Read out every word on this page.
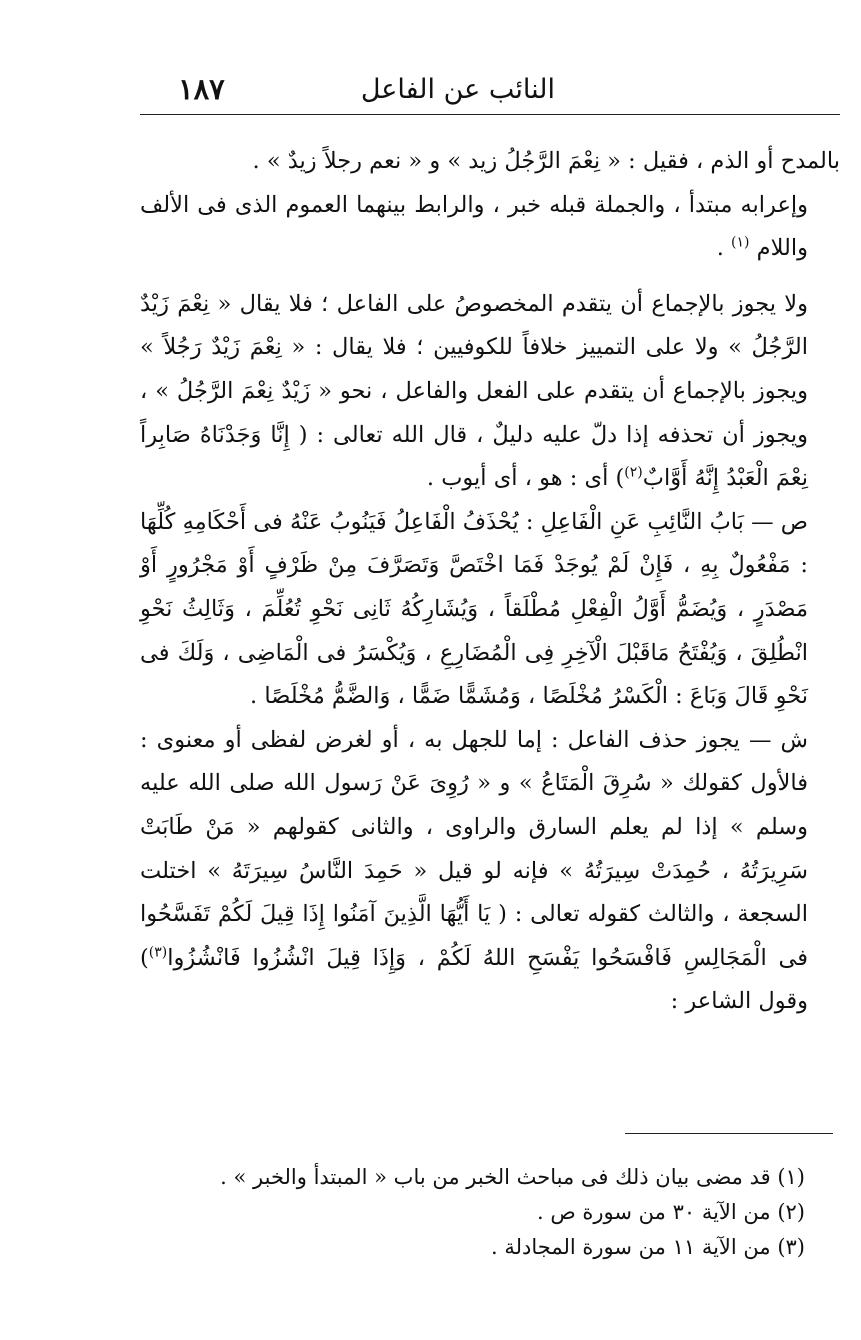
النائب عن الفاعل
١٨٧

بالمدح أو الذم ، فقيل : « نِعْمَ الرَّجُلُ زيد » و « نعم رجلاً زيدٌ » .

وإعرابه مبتدأ ، والجملة قبله خبر ، والرابط بينهما العموم الذى فى الألف واللام $^{(١)}$ .

ولا يجوز بالإجماع أن يتقدم المخصوصُ على الفاعل ؛ فلا يقال « نِعْمَ زَيْدٌ الرَّجُلُ » ولا على التمييز خلافاً للكوفيين ؛ فلا يقال : « نِعْمَ زَيْدٌ رَجُلاً » ويجوز بالإجماع أن يتقدم على الفعل والفاعل ، نحو « زَيْدٌ نِعْمَ الرَّجُلُ » ، ويجوز أن تحذفه إذا دلّ عليه دليلٌ ، قال الله تعالى : ( إِنَّا وَجَدْنَاهُ صَابِراً نِعْمَ الْعَبْدُ إِنَّهُ أَوَّابٌ$^{(٢)}$) أى : هو ، أى أيوب .

ص — بَابُ النَّائِبِ عَنِ الْفَاعِلِ : يُحْذَفُ الْفَاعِلُ فَيَنُوبُ عَنْهُ فى أَحْكَامِهِ كُلِّهَا : مَفْعُولٌ بِهِ ، فَإِنْ لَمْ يُوجَدْ فَمَا اخْتَصَّ وَتَصَرَّفَ مِنْ ظَرْفٍ أَوْ مَجْرُورٍ أَوْ مَصْدَرٍ ، وَيُضَمُّ أَوَّلُ الْفِعْلِ مُطْلَقاً ، وَيُشَارِكُهُ ثَانِى نَحْوِ تُعُلِّمَ ، وَثَالِثُ نَحْوِ انْطُلِقَ ، وَيُفْتَحُ مَاقَبْلَ الْآخِرِ فِى الْمُضَارِعِ ، وَيُكْسَرُ فى الْمَاضِى ، وَلَكَ فى نَحْوِ قَالَ وَبَاعَ : الْكَسْرُ مُخْلَصًا ، وَمُشَمًّا ضَمًّا ، وَالضَّمُّ مُخْلَصًا .

ش — يجوز حذف الفاعل : إما للجهل به ، أو لغرض لفظى أو معنوى : فالأول كقولك « سُرِقَ الْمَتَاعُ » و « رُوِىَ عَنْ رَسول الله صلى الله عليه وسلم » إذا لم يعلم السارق والراوى ، والثانى كقولهم « مَنْ طَابَتْ سَرِيرَتُهُ ، حُمِدَتْ سِيرَتُهُ » فإنه لو قيل « حَمِدَ النَّاسُ سِيرَتَهُ » اختلت السجعة ، والثالث كقوله تعالى : ( يَا أَيُّهَا الَّذِينَ آمَنُوا إِذَا قِيلَ لَكُمْ تَفَسَّحُوا فى الْمَجَالِسِ فَافْسَحُوا يَفْسَحِ اللهُ لَكُمْ ، وَإِذَا قِيلَ انْشُزُوا فَانْشُزُوا$^{(٣)}$) وقول الشاعر :

(١) قد مضى بيان ذلك فى مباحث الخبر من باب « المبتدأ والخبر » .

(٢) من الآية ٣٠ من سورة ص .

(٣) من الآية ١١ من سورة المجادلة .
